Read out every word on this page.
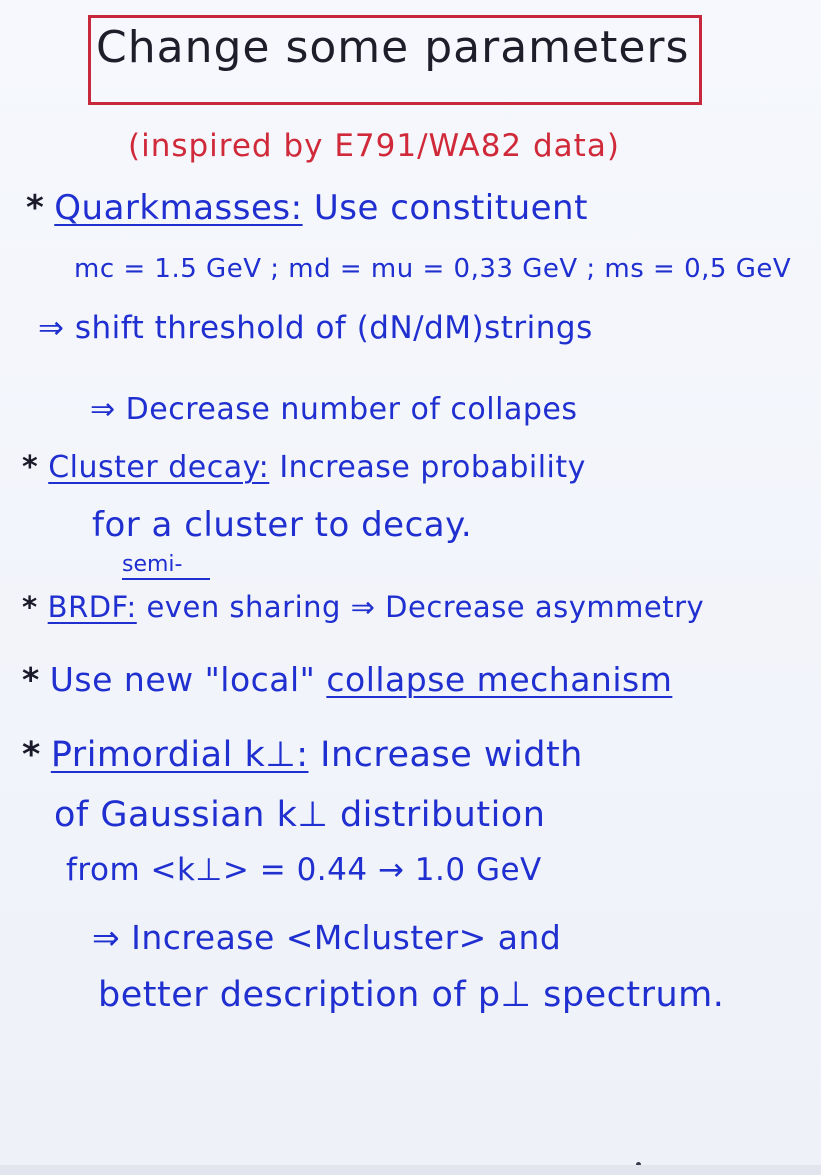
Change some parameters
(inspired by E791/WA82 data)
* Quarkmasses: Use constituent
mc = 1.5 GeV ; md = mu = 0,33 GeV ; ms = 0,5 GeV
⇒ shift threshold of (dN/dM)strings
⇒ Decrease number of collapes
* Cluster decay: Increase probability
for a cluster to decay.
semi-
* BRDF: even sharing ⇒ Decrease asymmetry
* Use new "local" collapse mechanism
* Primordial k⊥: Increase width
of Gaussian k⊥ distribution
from <k⊥> = 0.44 → 1.0 GeV
⇒ Increase <Mcluster> and
better description of p⊥ spectrum.
